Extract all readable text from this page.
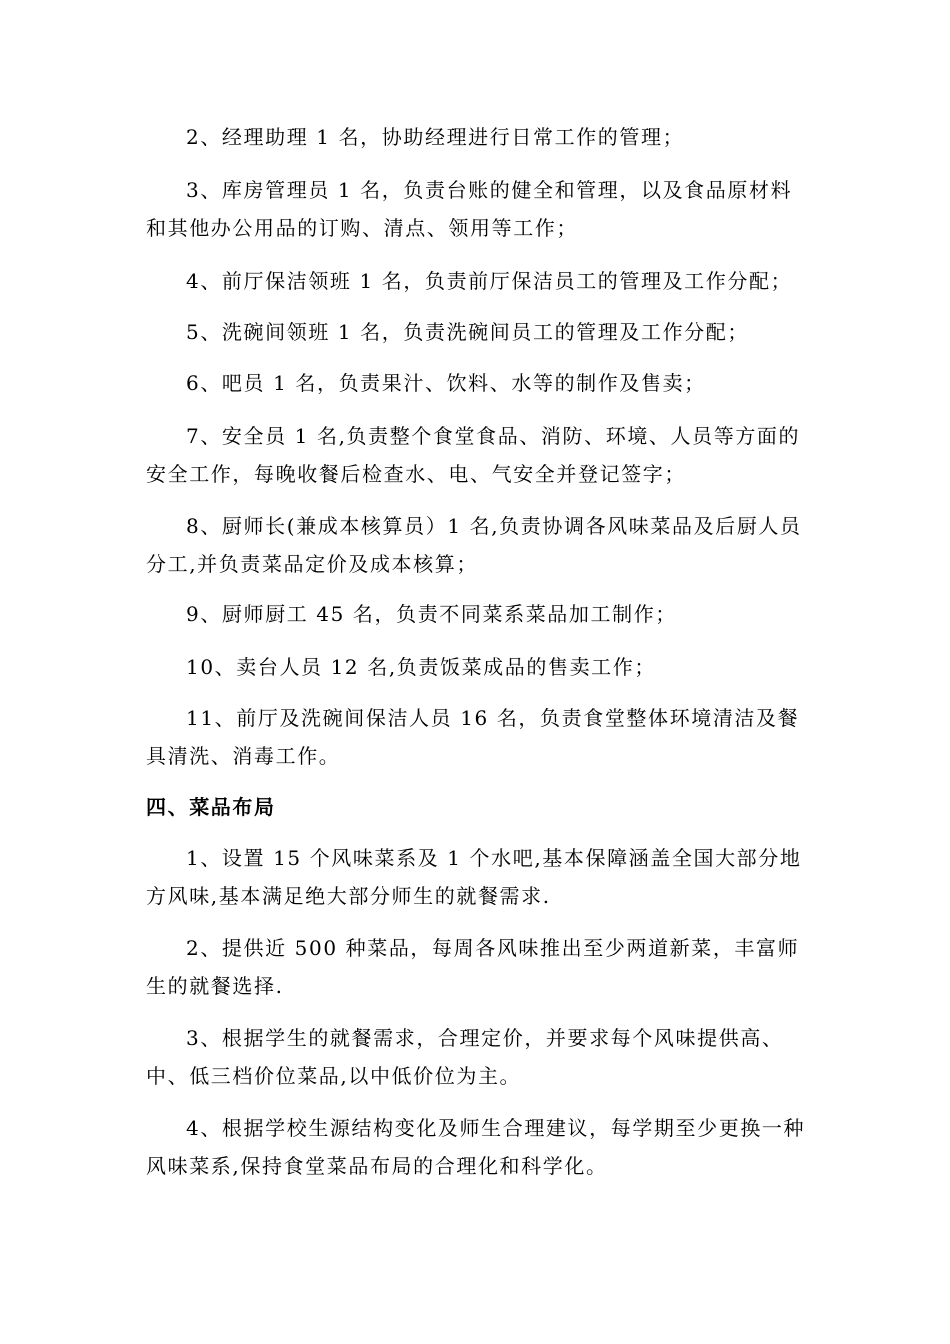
2、经理助理 1 名，协助经理进行日常工作的管理；

3、库房管理员 1 名，负责台账的健全和管理，以及食品原材料和其他办公用品的订购、清点、领用等工作；

4、前厅保洁领班 1 名，负责前厅保洁员工的管理及工作分配；

5、洗碗间领班 1 名，负责洗碗间员工的管理及工作分配；

6、吧员 1 名，负责果汁、饮料、水等的制作及售卖；

7、安全员 1 名,负责整个食堂食品、消防、环境、人员等方面的安全工作，每晚收餐后检查水、电、气安全并登记签字；

8、厨师长(兼成本核算员）1 名,负责协调各风味菜品及后厨人员分工,并负责菜品定价及成本核算；

9、厨师厨工 45 名，负责不同菜系菜品加工制作；

10、卖台人员 12 名,负责饭菜成品的售卖工作；

11、前厅及洗碗间保洁人员 16 名，负责食堂整体环境清洁及餐具清洗、消毒工作。

四、菜品布局

1、设置 15 个风味菜系及 1 个水吧,基本保障涵盖全国大部分地方风味,基本满足绝大部分师生的就餐需求.

2、提供近 500 种菜品，每周各风味推出至少两道新菜，丰富师生的就餐选择.

3、根据学生的就餐需求，合理定价，并要求每个风味提供高、中、低三档价位菜品,以中低价位为主。

4、根据学校生源结构变化及师生合理建议，每学期至少更换一种风味菜系,保持食堂菜品布局的合理化和科学化。
